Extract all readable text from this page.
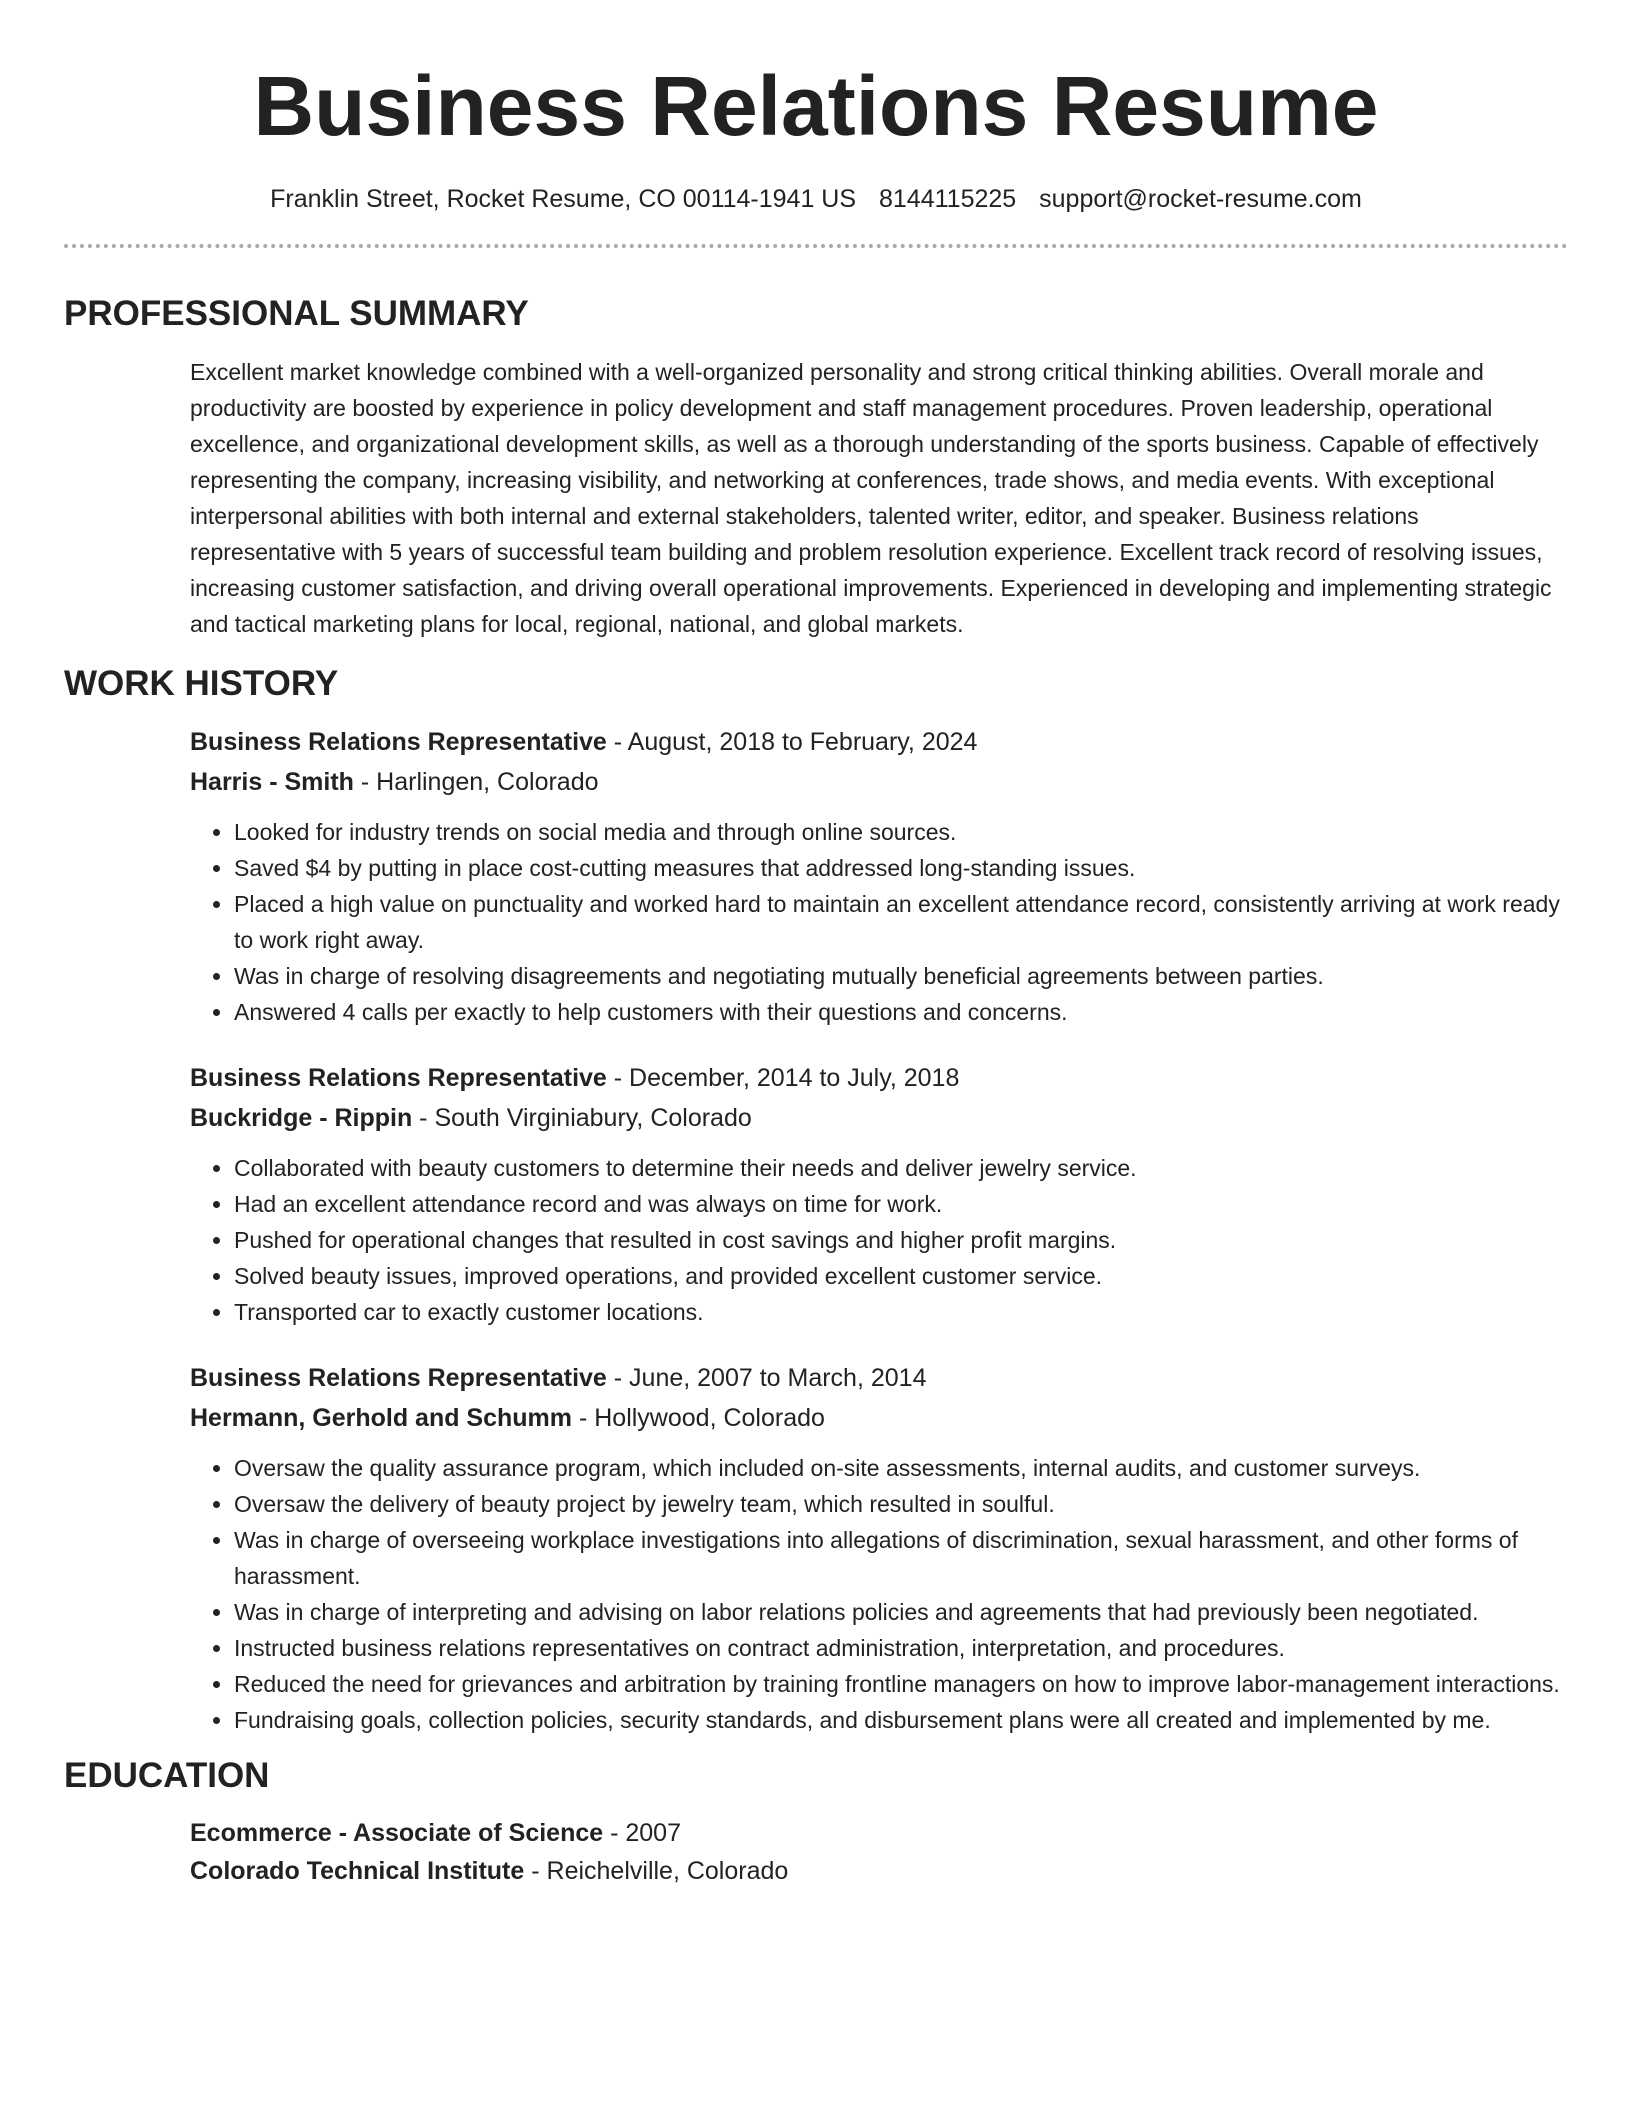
Business Relations Resume
Franklin Street, Rocket Resume, CO 00114-1941 US 8144115225 support@rocket-resume.com
PROFESSIONAL SUMMARY

Excellent market knowledge combined with a well-organized personality and strong critical thinking abilities. Overall morale and productivity are boosted by experience in policy development and staff management procedures. Proven leadership, operational excellence, and organizational development skills, as well as a thorough understanding of the sports business. Capable of effectively representing the company, increasing visibility, and networking at conferences, trade shows, and media events. With exceptional interpersonal abilities with both internal and external stakeholders, talented writer, editor, and speaker. Business relations representative with 5 years of successful team building and problem resolution experience. Excellent track record of resolving issues, increasing customer satisfaction, and driving overall operational improvements. Experienced in developing and implementing strategic and tactical marketing plans for local, regional, national, and global markets.

WORK HISTORY
Business Relations Representative - August, 2018 to February, 2024
Harris - Smith - Harlingen, Colorado
• Looked for industry trends on social media and through online sources.
• Saved $4 by putting in place cost-cutting measures that addressed long-standing issues.
• Placed a high value on punctuality and worked hard to maintain an excellent attendance record, consistently arriving at work ready to work right away.
• Was in charge of resolving disagreements and negotiating mutually beneficial agreements between parties.
• Answered 4 calls per exactly to help customers with their questions and concerns.
Business Relations Representative - December, 2014 to July, 2018
Buckridge - Rippin - South Virginiabury, Colorado
• Collaborated with beauty customers to determine their needs and deliver jewelry service.
• Had an excellent attendance record and was always on time for work.
• Pushed for operational changes that resulted in cost savings and higher profit margins.
• Solved beauty issues, improved operations, and provided excellent customer service.
• Transported car to exactly customer locations.
Business Relations Representative - June, 2007 to March, 2014
Hermann, Gerhold and Schumm - Hollywood, Colorado
• Oversaw the quality assurance program, which included on-site assessments, internal audits, and customer surveys.
• Oversaw the delivery of beauty project by jewelry team, which resulted in soulful.
• Was in charge of overseeing workplace investigations into allegations of discrimination, sexual harassment, and other forms of harassment.
• Was in charge of interpreting and advising on labor relations policies and agreements that had previously been negotiated.
• Instructed business relations representatives on contract administration, interpretation, and procedures.
• Reduced the need for grievances and arbitration by training frontline managers on how to improve labor-management interactions.
• Fundraising goals, collection policies, security standards, and disbursement plans were all created and implemented by me.
EDUCATION
Ecommerce - Associate of Science - 2007
Colorado Technical Institute - Reichelville, Colorado
